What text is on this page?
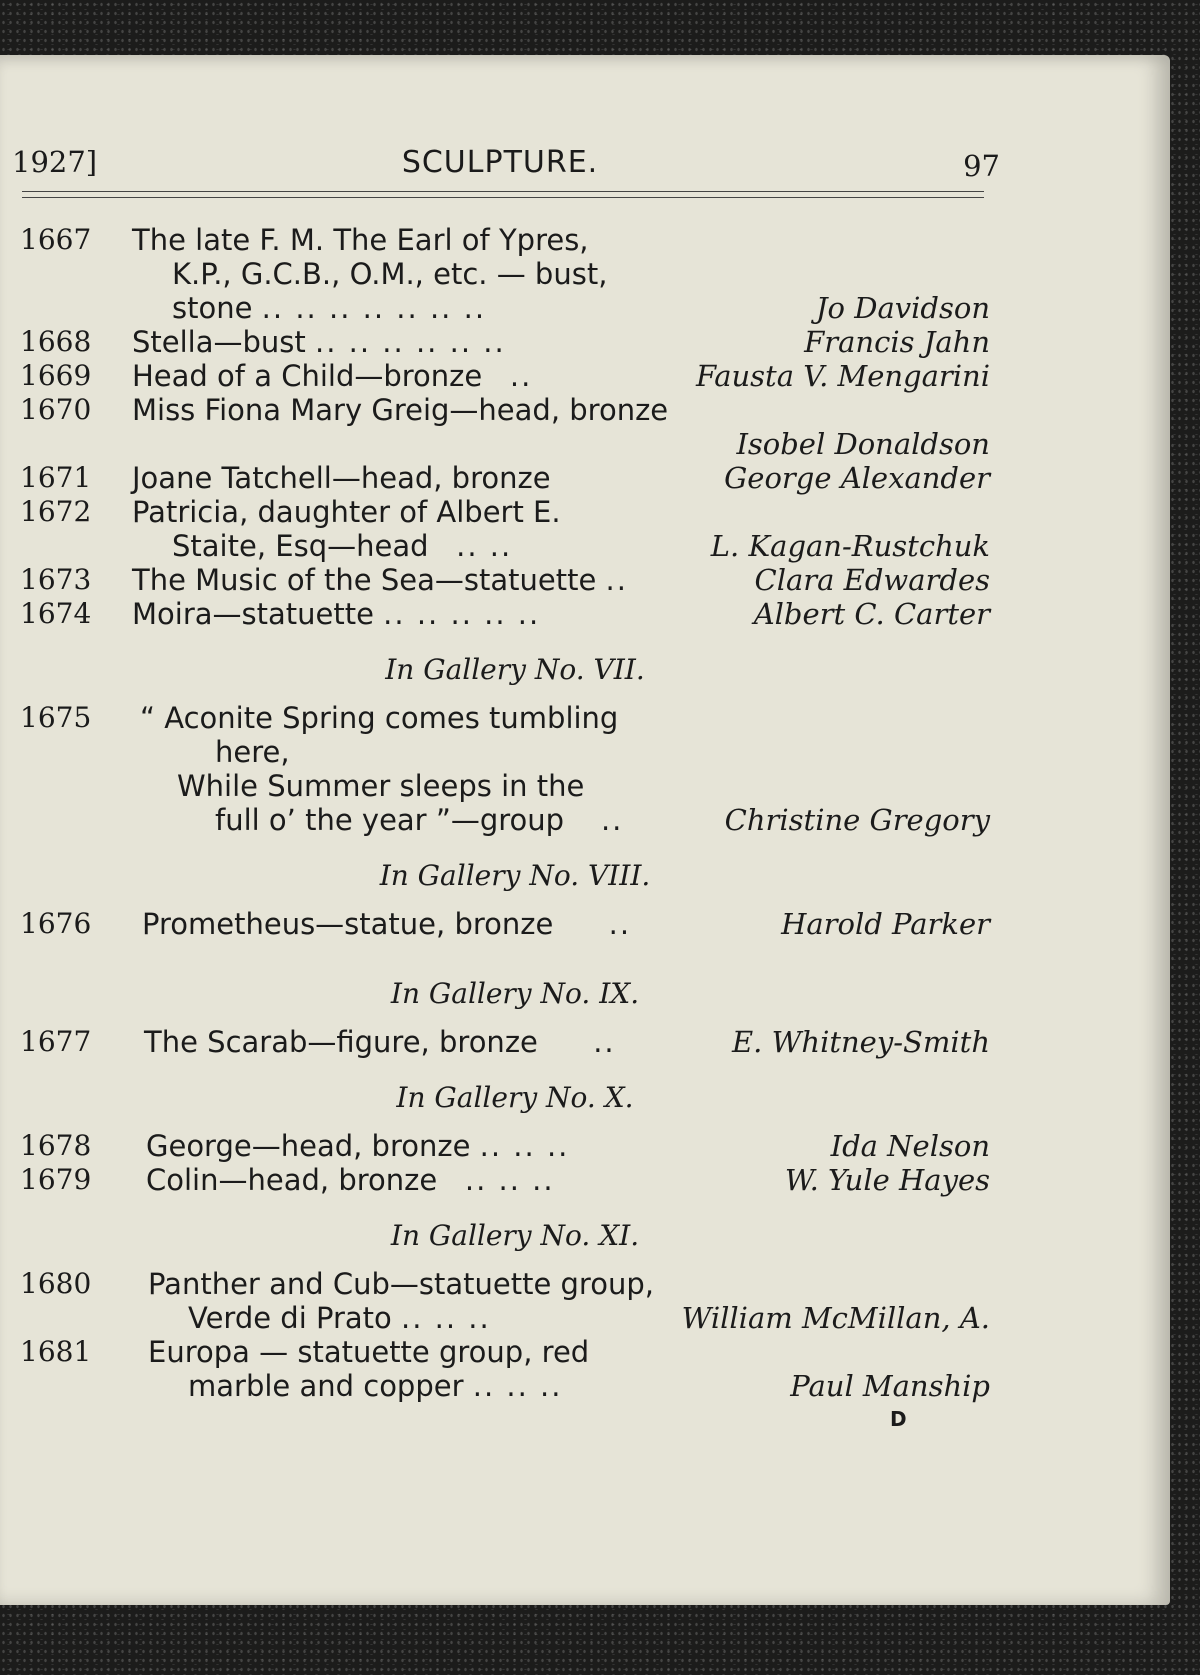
1927]	SCULPTURE.	97
1667 The late F. M. The Earl of Ypres,
K.P., G.C.B., O.M., etc. — bust,
stone .. .. .. .. .. .. ..	Jo Davidson
1668 Stella—bust .. .. .. .. .. ..	Francis Jahn
1669 Head of a Child—bronze ..	Fausta V. Mengarini
1670 Miss Fiona Mary Greig—head, bronze
Isobel Donaldson
1671 Joane Tatchell—head, bronze	George Alexander
1672 Patricia, daughter of Albert E.
Staite, Esq—head .. ..	L. Kagan-Rustchuk
1673 The Music of the Sea—statuette ..	Clara Edwardes
1674 Moira—statuette .. .. .. .. ..	Albert C. Carter
In Gallery No. VII.
1675 “ Aconite Spring comes tumbling
here,
While Summer sleeps in the
full o’ the year ”—group ..	Christine Gregory
In Gallery No. VIII.
1676 Prometheus—statue, bronze ..	Harold Parker
In Gallery No. IX.
1677 The Scarab—figure, bronze ..	E. Whitney-Smith
In Gallery No. X.
1678 George—head, bronze .. .. ..	Ida Nelson
1679 Colin—head, bronze .. .. ..	W. Yule Hayes
In Gallery No. XI.
1680 Panther and Cub—statuette group,
Verde di Prato .. .. ..	William McMillan, A.
1681 Europa — statuette group, red
marble and copper .. .. ..	Paul Manship
D
